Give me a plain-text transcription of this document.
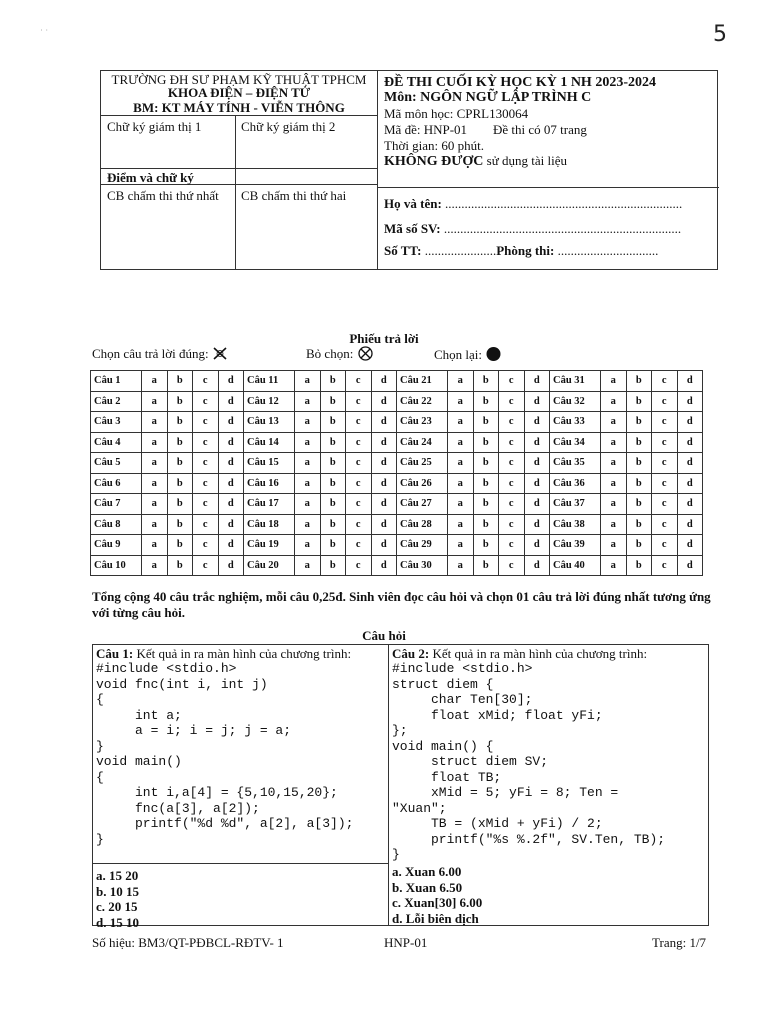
5
˙ ˙
TRƯỜNG ĐH SƯ PHẠM KỸ THUẬT TPHCM
KHOA ĐIỆN – ĐIỆN TỬ
BM: KT MÁY TÍNH - VIỄN THÔNG
Chữ ký giám thị 1	Chữ ký giám thị 2
Điểm và chữ ký
CB chấm thi thứ nhất CB chấm thi thứ hai
ĐỀ THI CUỐI KỲ HỌC KỲ 1 NH 2023-2024
Môn: NGÔN NGỮ LẬP TRÌNH C
Mã môn học: CPRL130064
Mã đề: HNP-01 Đề thi có 07 trang
Thời gian: 60 phút.
KHÔNG ĐƯỢC sử dụng tài liệu
Họ và tên: .........................................................................
Mã số SV: .........................................................................
Số TT: ......................Phòng thi: ...............................
Phiếu trả lời
Chọn câu trả lời đúng:	Bỏ chọn:	Chọn lại:
Câu 1	a	b	c	d	Câu 11	a	b	c	d	Câu 21	a	b	c	d	Câu 31	a	b	c	d
Câu 2	a	b	c	d	Câu 12	a	b	c	d	Câu 22	a	b	c	d	Câu 32	a	b	c	d
Câu 3	a	b	c	d	Câu 13	a	b	c	d	Câu 23	a	b	c	d	Câu 33	a	b	c	d
Câu 4	a	b	c	d	Câu 14	a	b	c	d	Câu 24	a	b	c	d	Câu 34	a	b	c	d
Câu 5	a	b	c	d	Câu 15	a	b	c	d	Câu 25	a	b	c	d	Câu 35	a	b	c	d
Câu 6	a	b	c	d	Câu 16	a	b	c	d	Câu 26	a	b	c	d	Câu 36	a	b	c	d
Câu 7	a	b	c	d	Câu 17	a	b	c	d	Câu 27	a	b	c	d	Câu 37	a	b	c	d
Câu 8	a	b	c	d	Câu 18	a	b	c	d	Câu 28	a	b	c	d	Câu 38	a	b	c	d
Câu 9	a	b	c	d	Câu 19	a	b	c	d	Câu 29	a	b	c	d	Câu 39	a	b	c	d
Câu 10	a	b	c	d	Câu 20	a	b	c	d	Câu 30	a	b	c	d	Câu 40	a	b	c	d
Tổng cộng 40 câu trắc nghiệm, mỗi câu 0,25đ. Sinh viên đọc câu hỏi và chọn 01 câu trả lời đúng nhất tương ứng với từng câu hỏi.
Câu hỏi
Câu 1: Kết quả in ra màn hình của chương trình:
#include <stdio.h>
void fnc(int i, int j)
{
int a;
a = i; i = j; j = a;
}
void main()
{
int i,a[4] = {5,10,15,20};
fnc(a[3], a[2]);
printf("%d %d", a[2], a[3]);
}
a. 15 20
b. 10 15
c. 20 15
d. 15 10
Câu 2: Kết quả in ra màn hình của chương trình:
#include <stdio.h>
struct diem {
char Ten[30];
float xMid; float yFi;
};
void main() {
struct diem SV;
float TB;
xMid = 5; yFi = 8; Ten =
"Xuan";
TB = (xMid + yFi) / 2;
printf("%s %.2f", SV.Ten, TB);
}
a. Xuan 6.00
b. Xuan 6.50
c. Xuan[30] 6.00
d. Lỗi biên dịch
Số hiệu: BM3/QT-PĐBCL-RĐTV- 1	HNP-01	Trang: 1/7
